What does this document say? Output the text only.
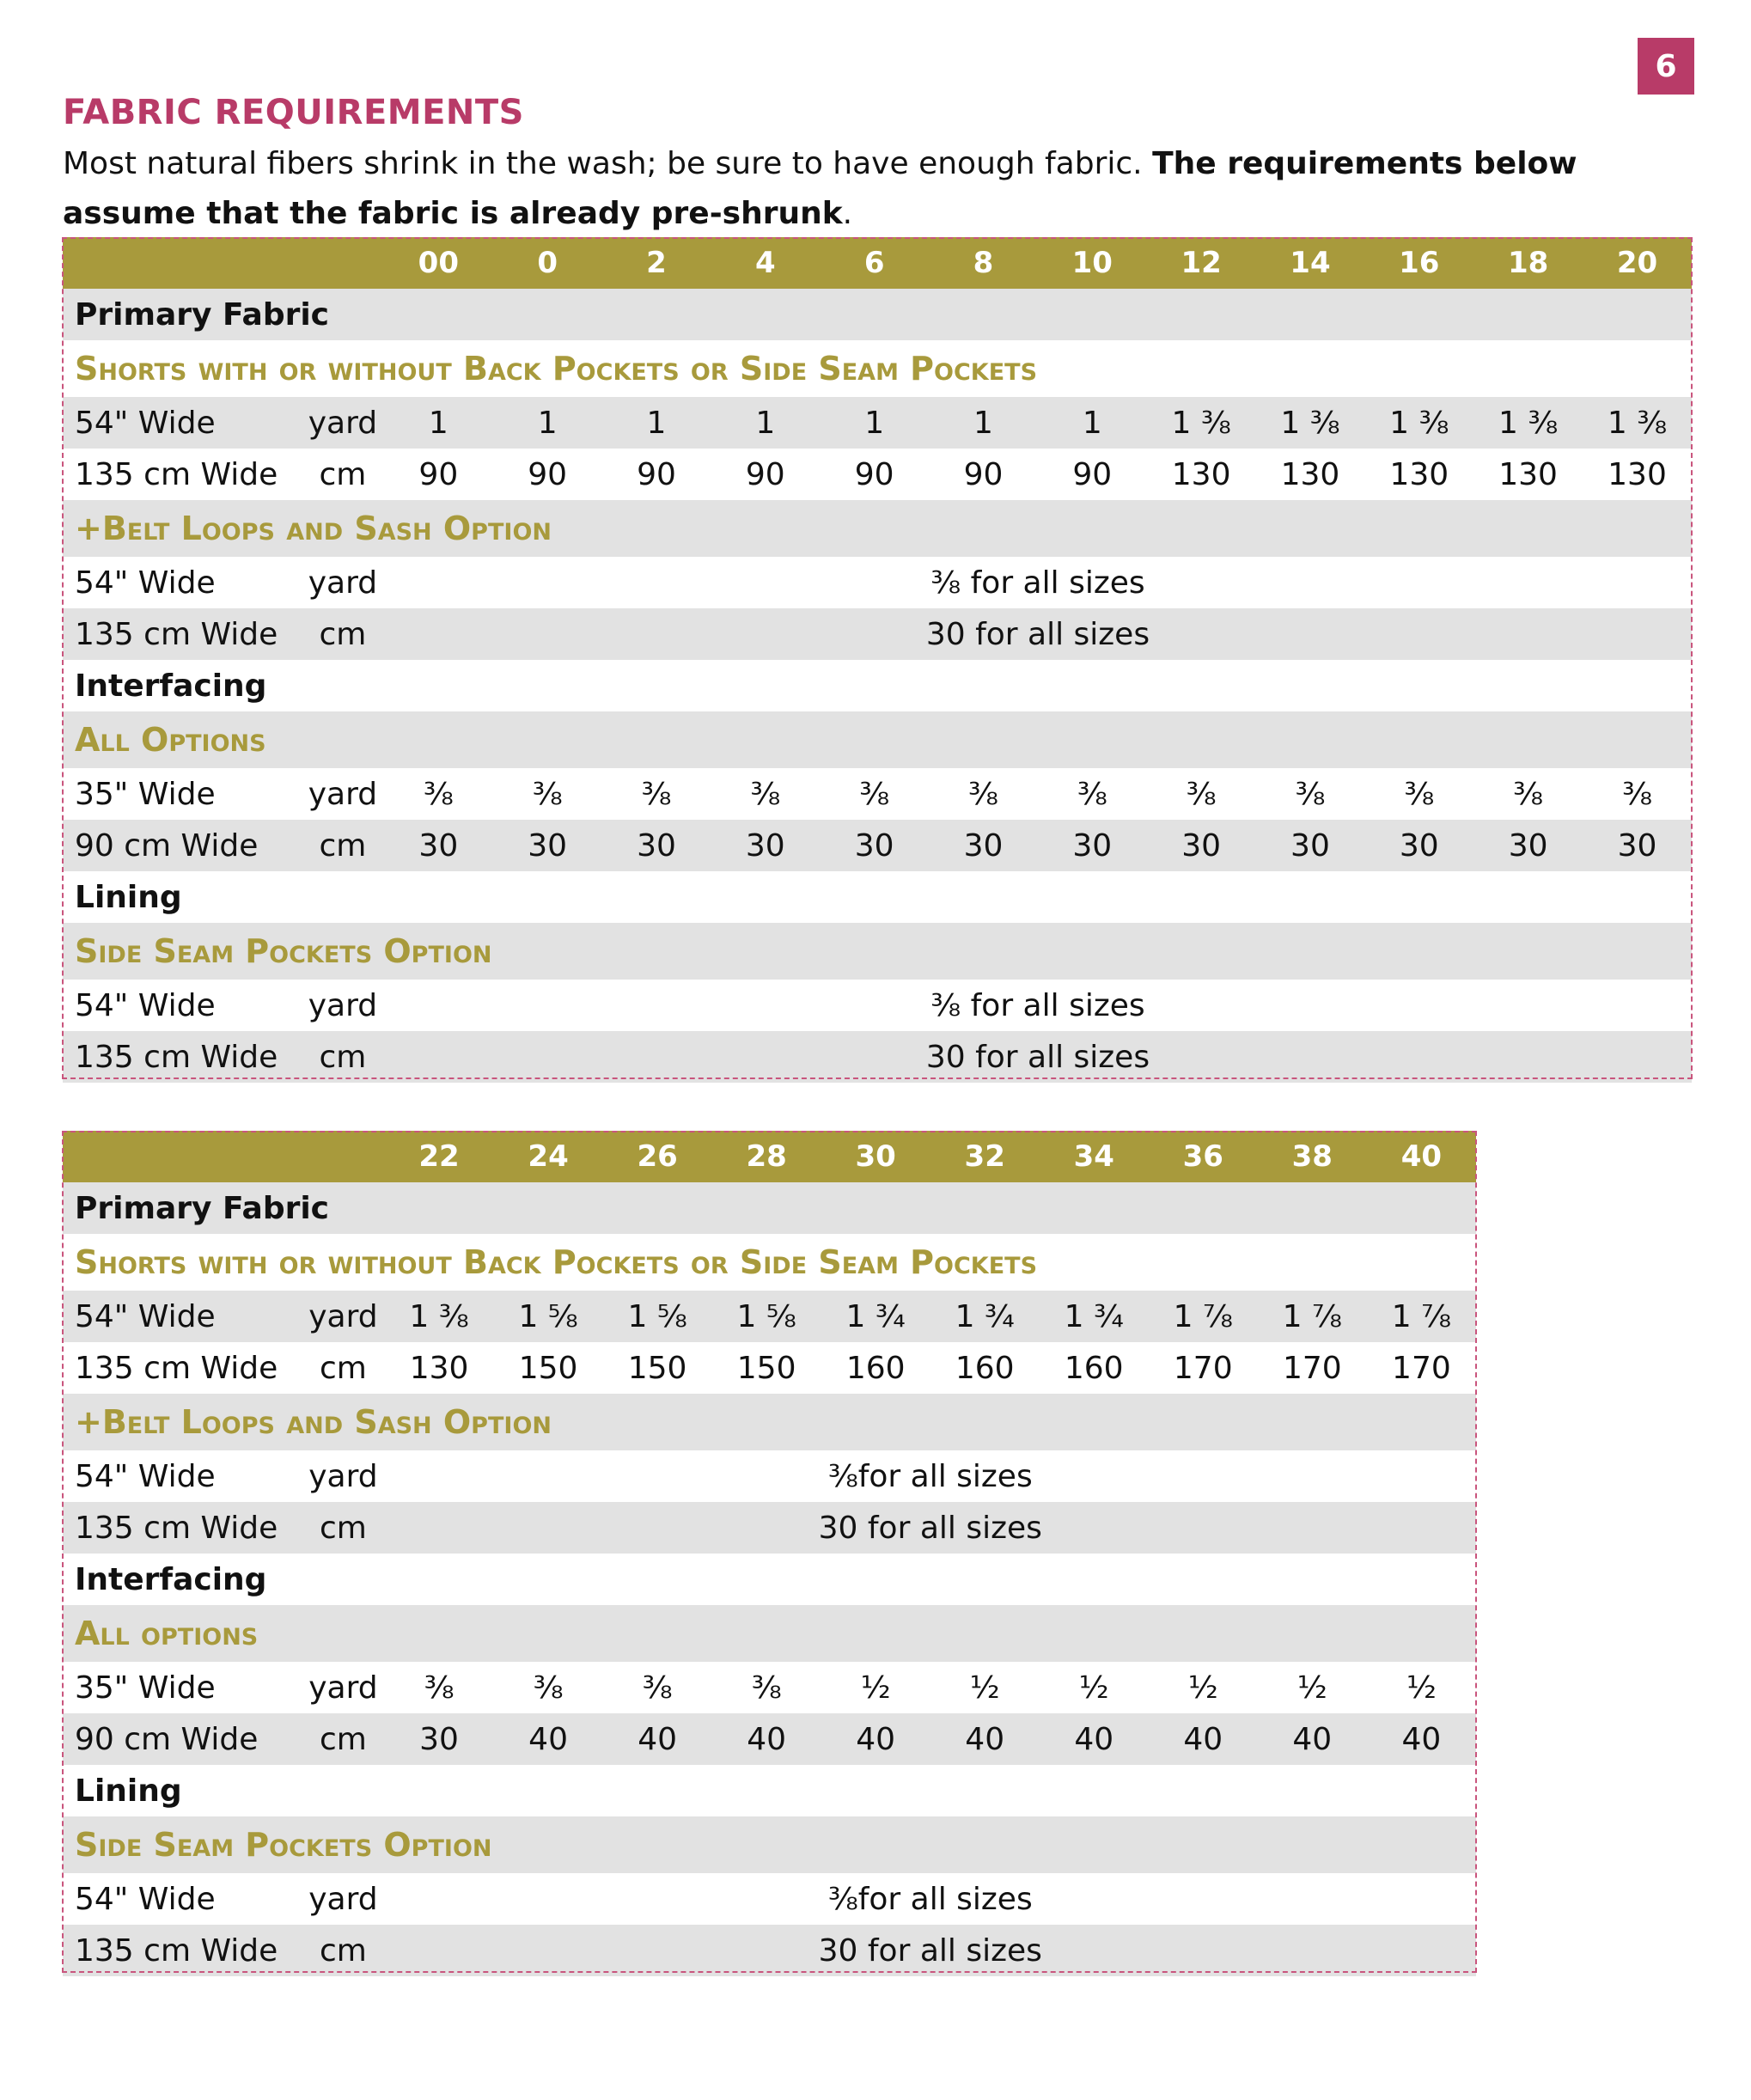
6
FABRIC REQUIREMENTS

Most natural fibers shrink in the wash; be sure to have enough fabric. The requirements below assume that the fabric is already pre-shrunk.

		00	0	2	4	6	8	10	12	14	16	18	20
Primary Fabric													
Shorts with or without Back Pockets or Side Seam Pockets													
54" Wide	yard	1	1	1	1	1	1	1	1 ⅜	1 ⅜	1 ⅜	1 ⅜	1 ⅜
135 cm Wide	cm	90	90	90	90	90	90	90	130	130	130	130	130
+Belt Loops and Sash Option													
54" Wide	yard	⅜ for all sizes											
135 cm Wide	cm	30 for all sizes											
Interfacing													
All Options													
35" Wide	yard	⅜	⅜	⅜	⅜	⅜	⅜	⅜	⅜	⅜	⅜	⅜	⅜
90 cm Wide	cm	30	30	30	30	30	30	30	30	30	30	30	30
Lining													
Side Seam Pockets Option													
54" Wide	yard	⅜ for all sizes											
135 cm Wide	cm	30 for all sizes											
		22	24	26	28	30	32	34	36	38	40
Primary Fabric											
Shorts with or without Back Pockets or Side Seam Pockets											
54" Wide	yard	1 ⅜	1 ⅝	1 ⅝	1 ⅝	1 ¾	1 ¾	1 ¾	1 ⅞	1 ⅞	1 ⅞
135 cm Wide	cm	130	150	150	150	160	160	160	170	170	170
+Belt Loops and Sash Option											
54" Wide	yard	⅜for all sizes									
135 cm Wide	cm	30 for all sizes									
Interfacing											
All options											
35" Wide	yard	⅜	⅜	⅜	⅜	½	½	½	½	½	½
90 cm Wide	cm	30	40	40	40	40	40	40	40	40	40
Lining											
Side Seam Pockets Option											
54" Wide	yard	⅜for all sizes									
135 cm Wide	cm	30 for all sizes									
